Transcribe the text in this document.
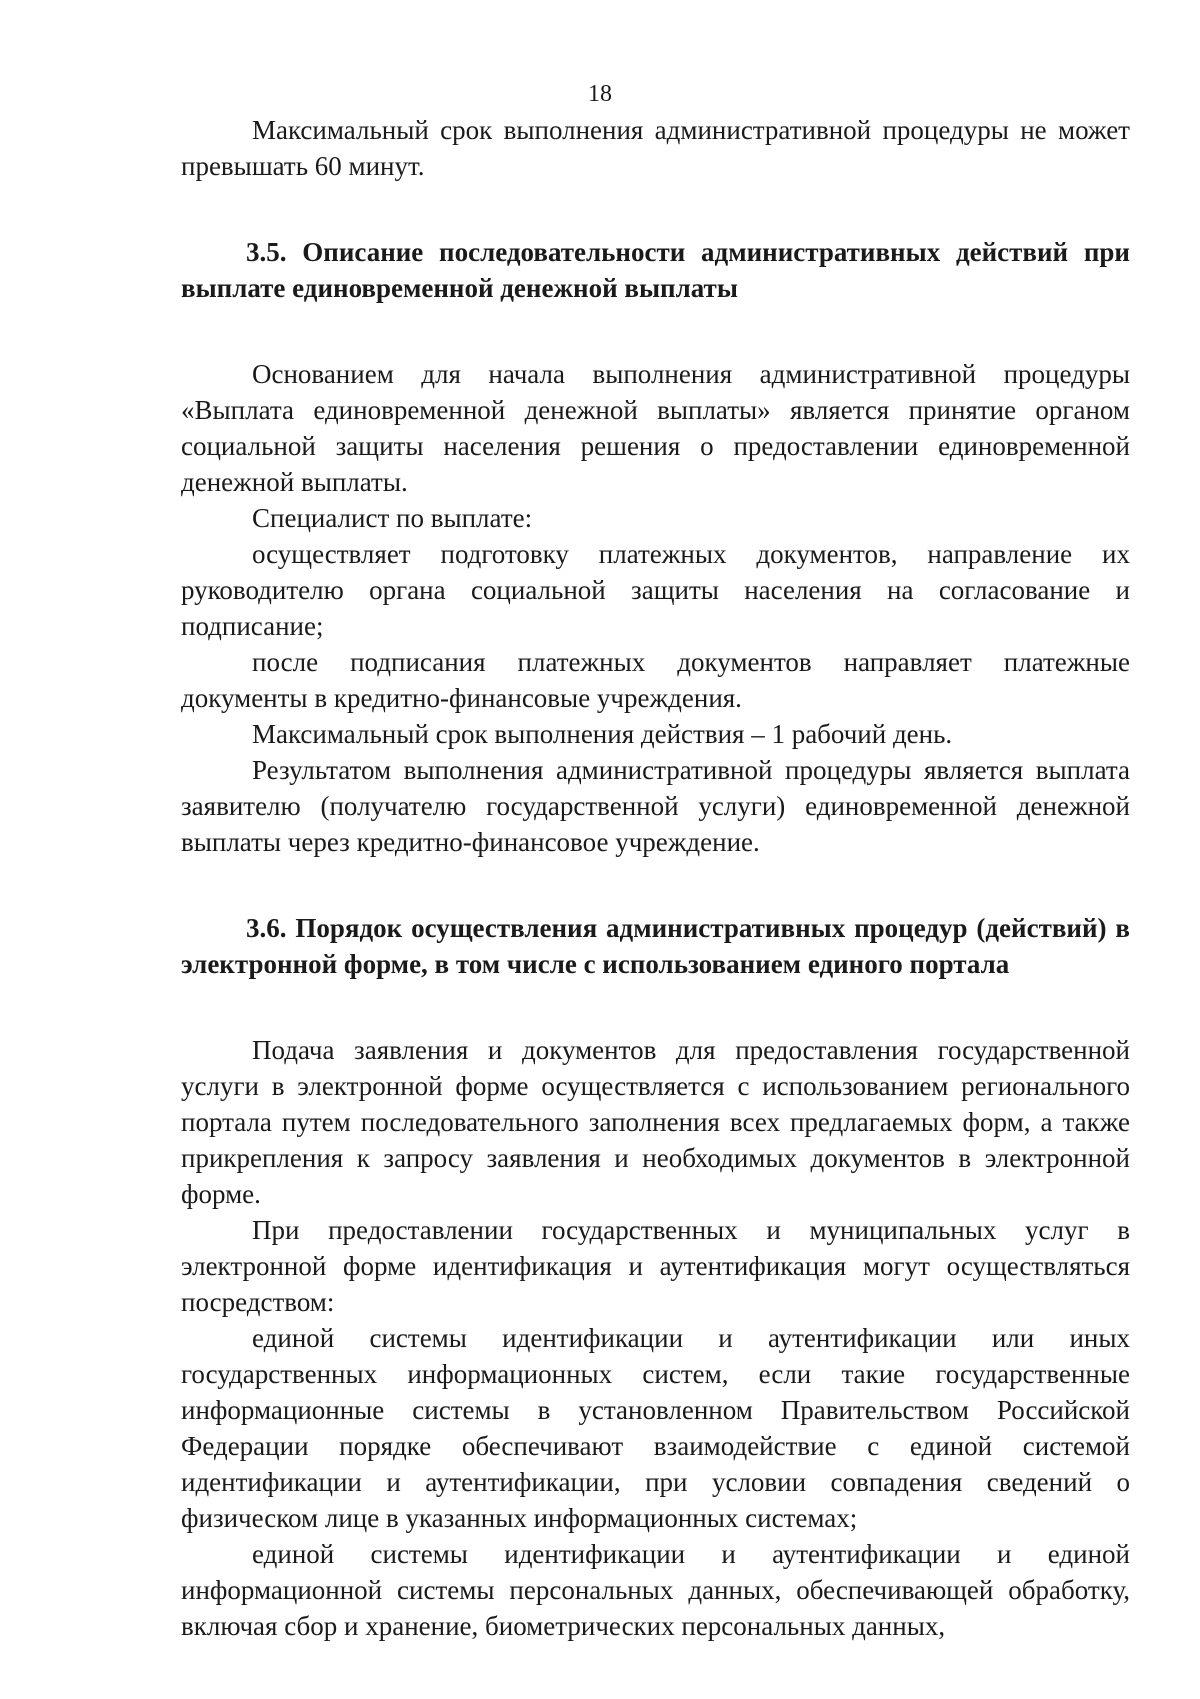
18

Максимальный срок выполнения административной процедуры не может превышать 60 минут.

3.5. Описание последовательности административных действий при выплате единовременной денежной выплаты

Основанием для начала выполнения административной процедуры «Выплата единовременной денежной выплаты» является принятие органом социальной защиты населения решения о предоставлении единовременной денежной выплаты.

Специалист по выплате:

осуществляет подготовку платежных документов, направление их руководителю органа социальной защиты населения на согласование и подписание;

после подписания платежных документов направляет платежные документы в кредитно-финансовые учреждения.

Максимальный срок выполнения действия – 1 рабочий день.

Результатом выполнения административной процедуры является выплата заявителю (получателю государственной услуги) единовременной денежной выплаты через кредитно-финансовое учреждение.

3.6. Порядок осуществления административных процедур (действий) в электронной форме, в том числе с использованием единого портала

Подача заявления и документов для предоставления государственной услуги в электронной форме осуществляется с использованием регионального портала путем последовательного заполнения всех предлагаемых форм, а также прикрепления к запросу заявления и необходимых документов в электронной форме.

При предоставлении государственных и муниципальных услуг в электронной форме идентификация и аутентификация могут осуществляться посредством:

единой системы идентификации и аутентификации или иных государственных информационных систем, если такие государственные информационные системы в установленном Правительством Российской Федерации порядке обеспечивают взаимодействие с единой системой идентификации и аутентификации, при условии совпадения сведений о физическом лице в указанных информационных системах;

единой системы идентификации и аутентификации и единой информационной системы персональных данных, обеспечивающей обработку, включая сбор и хранение, биометрических персональных данных,
